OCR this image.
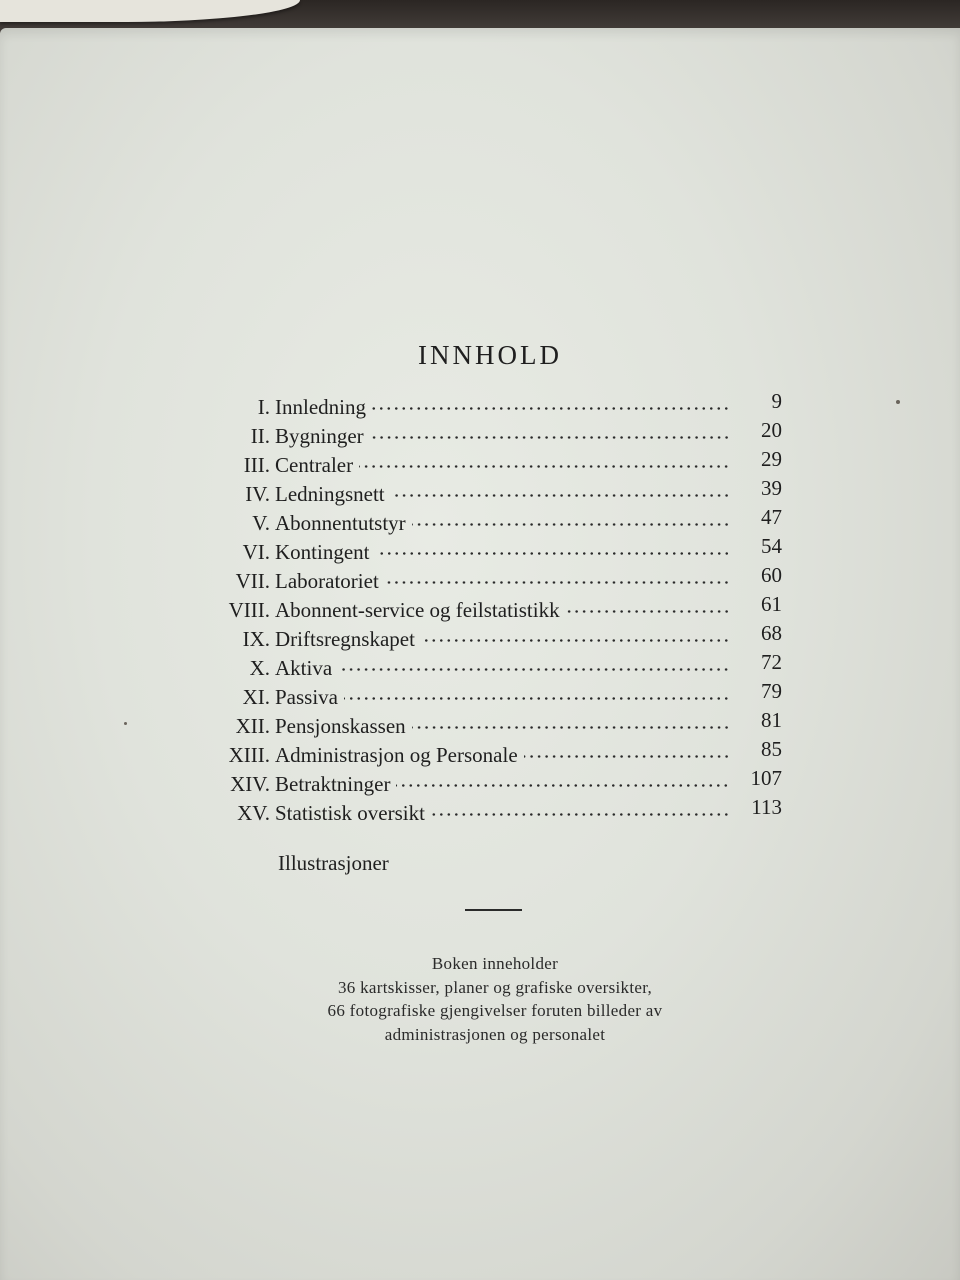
INNHOLD
I. Innledning	9
II. Bygninger	20
III. Centraler	29
IV. Ledningsnett	39
V. Abonnentutstyr	47
VI. Kontingent	54
VII. Laboratoriet	60
VIII. Abonnent-service og feilstatistikk	61
IX. Driftsregnskapet	68
X. Aktiva	72
XI. Passiva	79
XII. Pensjonskassen	81
XIII. Administrasjon og Personale	85
XIV. Betraktninger	107
XV. Statistisk oversikt	113
Illustrasjoner
Boken inneholder
36 kartskisser, planer og grafiske oversikter,
66 fotografiske gjengivelser foruten billeder av
administrasjonen og personalet
